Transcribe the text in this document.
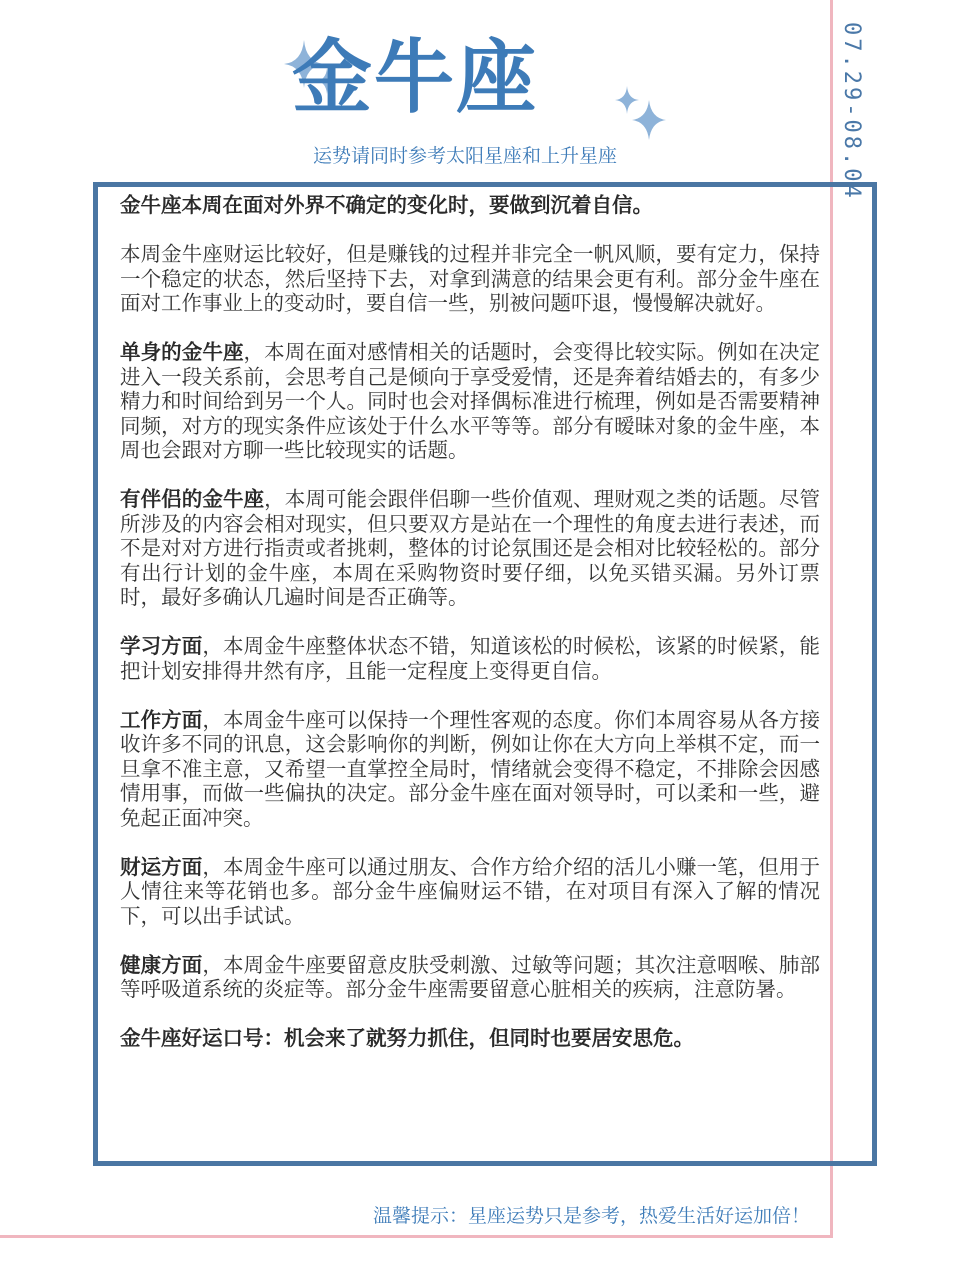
金牛座
运势请同时参考太阳星座和上升星座	07.29-08.04

金牛座本周在面对外界不确定的变化时，要做到沉着自信。

本周金牛座财运比较好，但是赚钱的过程并非完全一帆风顺，要有定力，保持一个稳定的状态，然后坚持下去，对拿到满意的结果会更有利。部分金牛座在面对工作事业上的变动时，要自信一些，别被问题吓退，慢慢解决就好。

单身的金牛座，本周在面对感情相关的话题时，会变得比较实际。例如在决定进入一段关系前，会思考自己是倾向于享受爱情，还是奔着结婚去的，有多少精力和时间给到另一个人。同时也会对择偶标准进行梳理，例如是否需要精神同频，对方的现实条件应该处于什么水平等等。部分有暧昧对象的金牛座，本周也会跟对方聊一些比较现实的话题。

有伴侣的金牛座，本周可能会跟伴侣聊一些价值观、理财观之类的话题。尽管所涉及的内容会相对现实，但只要双方是站在一个理性的角度去进行表述，而不是对对方进行指责或者挑刺，整体的讨论氛围还是会相对比较轻松的。部分有出行计划的金牛座，本周在采购物资时要仔细，以免买错买漏。另外订票时，最好多确认几遍时间是否正确等。

学习方面，本周金牛座整体状态不错，知道该松的时候松，该紧的时候紧，能把计划安排得井然有序，且能一定程度上变得更自信。

工作方面，本周金牛座可以保持一个理性客观的态度。你们本周容易从各方接收许多不同的讯息，这会影响你的判断，例如让你在大方向上举棋不定，而一旦拿不准主意，又希望一直掌控全局时，情绪就会变得不稳定，不排除会因感情用事，而做一些偏执的决定。部分金牛座在面对领导时，可以柔和一些，避免起正面冲突。

财运方面，本周金牛座可以通过朋友、合作方给介绍的活儿小赚一笔，但用于人情往来等花销也多。部分金牛座偏财运不错，在对项目有深入了解的情况下，可以出手试试。

健康方面，本周金牛座要留意皮肤受刺激、过敏等问题；其次注意咽喉、肺部等呼吸道系统的炎症等。部分金牛座需要留意心脏相关的疾病，注意防暑。

金牛座好运口号：机会来了就努力抓住，但同时也要居安思危。

温馨提示：星座运势只是参考，热爱生活好运加倍！
